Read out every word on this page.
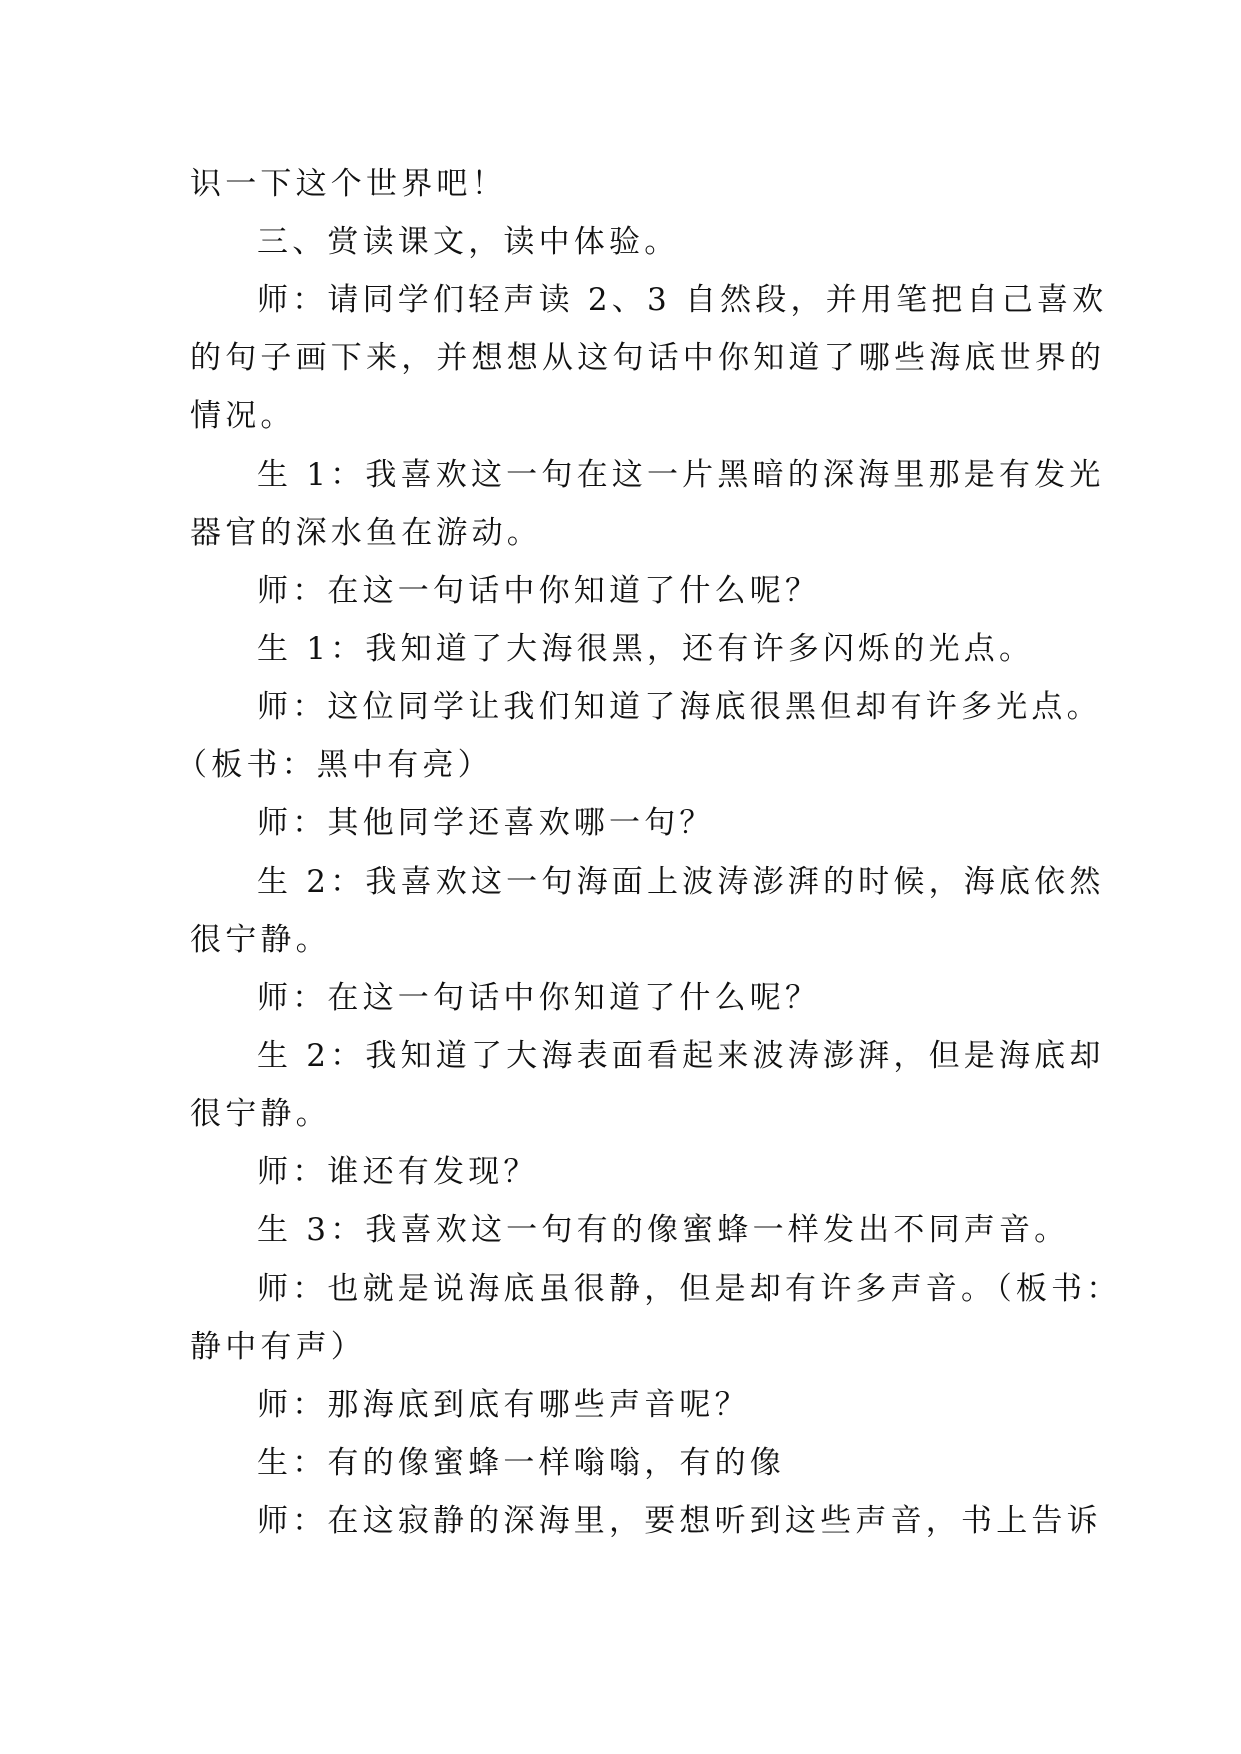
识一下这个世界吧！
三、赏读课文，读中体验。
师：请同学们轻声读 2、3 自然段，并用笔把自己喜欢
的句子画下来，并想想从这句话中你知道了哪些海底世界的
情况。
生 1：我喜欢这一句在这一片黑暗的深海里那是有发光
器官的深水鱼在游动。
师：在这一句话中你知道了什么呢？
生 1：我知道了大海很黑，还有许多闪烁的光点。
师：这位同学让我们知道了海底很黑但却有许多光点。
（板书：黑中有亮）
师：其他同学还喜欢哪一句？
生 2：我喜欢这一句海面上波涛澎湃的时候，海底依然
很宁静。
师：在这一句话中你知道了什么呢？
生 2：我知道了大海表面看起来波涛澎湃，但是海底却
很宁静。
师：谁还有发现？
生 3：我喜欢这一句有的像蜜蜂一样发出不同声音。
师：也就是说海底虽很静，但是却有许多声音。（板书：
静中有声）
师：那海底到底有哪些声音呢？
生：有的像蜜蜂一样嗡嗡，有的像
师：在这寂静的深海里，要想听到这些声音，书上告诉
